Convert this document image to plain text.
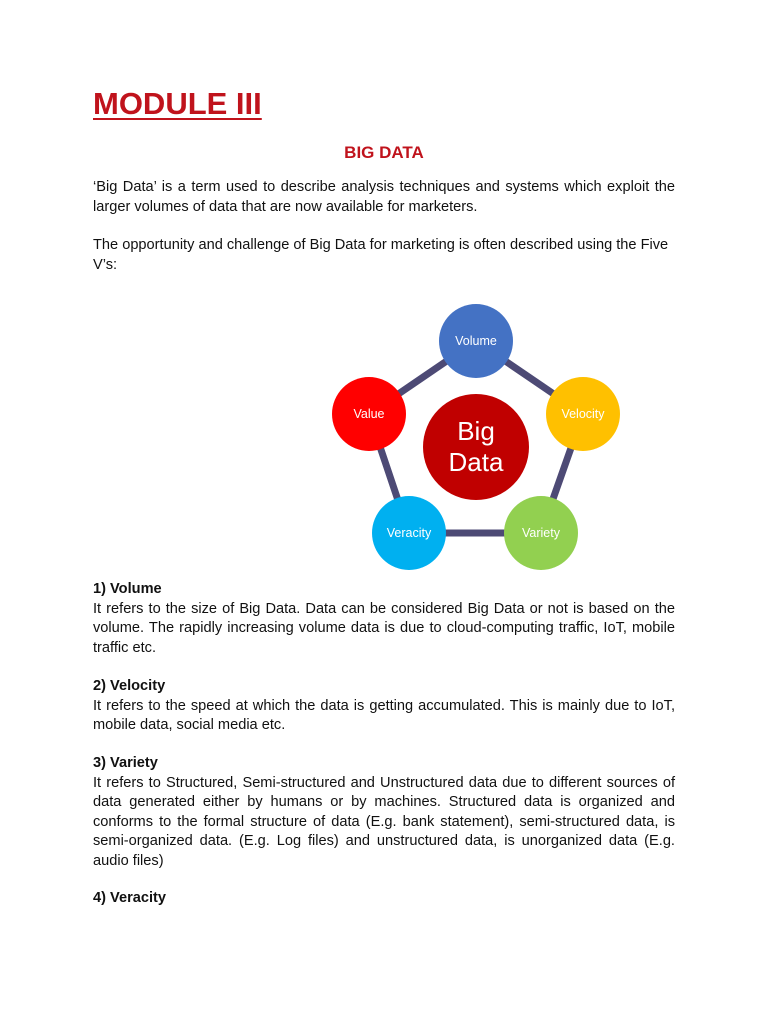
MODULE III
BIG DATA

‘Big Data’ is a term used to describe analysis techniques and systems which exploit the larger volumes of data that are now available for marketers.

The opportunity and challenge of Big Data for marketing is often described using the Five V’s:

Big
Data
Volume
Velocity
Variety
Veracity
Value
1) Volume

It refers to the size of Big Data. Data can be considered Big Data or not is based on the volume. The rapidly increasing volume data is due to cloud-computing traffic, IoT, mobile traffic etc.

2) Velocity

It refers to the speed at which the data is getting accumulated. This is mainly due to IoT, mobile data, social media etc.

3) Variety

It refers to Structured, Semi-structured and Unstructured data due to different sources of data generated either by humans or by machines. Structured data is organized and conforms to the formal structure of data (E.g. bank statement), semi-structured data, is semi-organized data. (E.g. Log files) and unstructured data, is unorganized data (E.g. audio files)

4) Veracity
